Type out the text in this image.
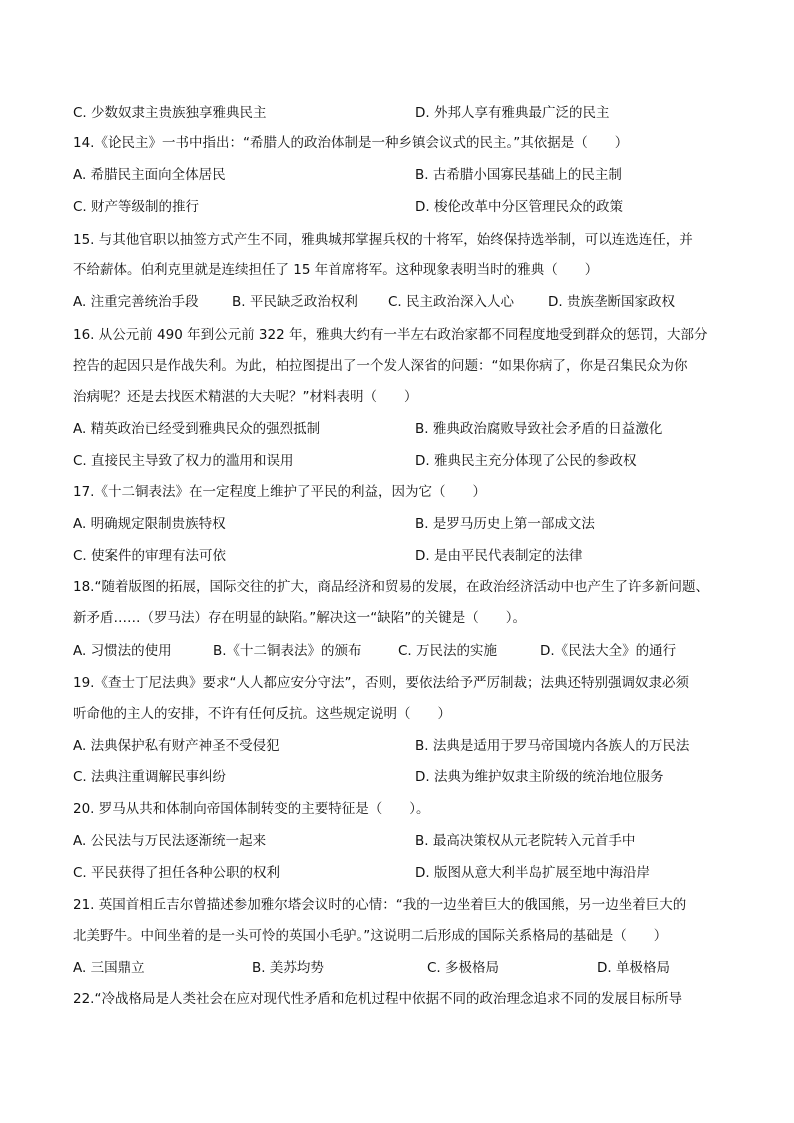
C. 少数奴隶主贵族独享雅典民主	D. 外邦人享有雅典最广泛的民主
14.《论民主》一书中指出：“希腊人的政治体制是一种乡镇会议式的民主。”其依据是（　　）
A. 希腊民主面向全体居民	B. 古希腊小国寡民基础上的民主制
C. 财产等级制的推行	D. 梭伦改革中分区管理民众的政策
15. 与其他官职以抽签方式产生不同，雅典城邦掌握兵权的十将军，始终保持选举制，可以连选连任，并
不给薪体。伯利克里就是连续担任了 15 年首席将军。这种现象表明当时的雅典（　　）
A. 注重完善统治手段 B. 平民缺乏政治权利 C. 民主政治深入人心	D. 贵族垄断国家政权
16. 从公元前 490 年到公元前 322 年，雅典大约有一半左右政治家都不同程度地受到群众的惩罚，大部分
控告的起因只是作战失利。为此，柏拉图提出了一个发人深省的问题：“如果你病了，你是召集民众为你
治病呢？还是去找医术精湛的大夫呢？”材料表明（　　）
A. 精英政治已经受到雅典民众的强烈抵制	B. 雅典政治腐败导致社会矛盾的日益激化
C. 直接民主导致了权力的滥用和误用	D. 雅典民主充分体现了公民的参政权
17.《十二铜表法》在一定程度上维护了平民的利益，因为它（　　）
A. 明确规定限制贵族特权	B. 是罗马历史上第一部成文法
C. 使案件的审理有法可依	D. 是由平民代表制定的法律
18.“随着版图的拓展，国际交往的扩大，商品经济和贸易的发展，在政治经济活动中也产生了许多新问题、
新矛盾……（罗马法）存在明显的缺陷。”解决这一“缺陷”的关键是（　　）。
A. 习惯法的使用	B.《十二铜表法》的颁布	C. 万民法的实施	D.《民法大全》的通行
19.《查士丁尼法典》要求“人人都应安分守法”，否则，要依法给予严厉制裁；法典还特别强调奴隶必须
听命他的主人的安排，不许有任何反抗。这些规定说明（　　）
A. 法典保护私有财产神圣不受侵犯	B. 法典是适用于罗马帝国境内各族人的万民法
C. 法典注重调解民事纠纷	D. 法典为维护奴隶主阶级的统治地位服务
20. 罗马从共和体制向帝国体制转变的主要特征是（　　）。
A. 公民法与万民法逐渐统一起来	B. 最高决策权从元老院转入元首手中
C. 平民获得了担任各种公职的权利	D. 版图从意大利半岛扩展至地中海沿岸
21. 英国首相丘吉尔曾描述参加雅尔塔会议时的心情：“我的一边坐着巨大的俄国熊，另一边坐着巨大的
北美野牛。中间坐着的是一头可怜的英国小毛驴。”这说明二后形成的国际关系格局的基础是（　　）
A. 三国鼎立	B. 美苏均势	C. 多极格局	D. 单极格局
22.“冷战格局是人类社会在应对现代性矛盾和危机过程中依据不同的政治理念追求不同的发展目标所导
